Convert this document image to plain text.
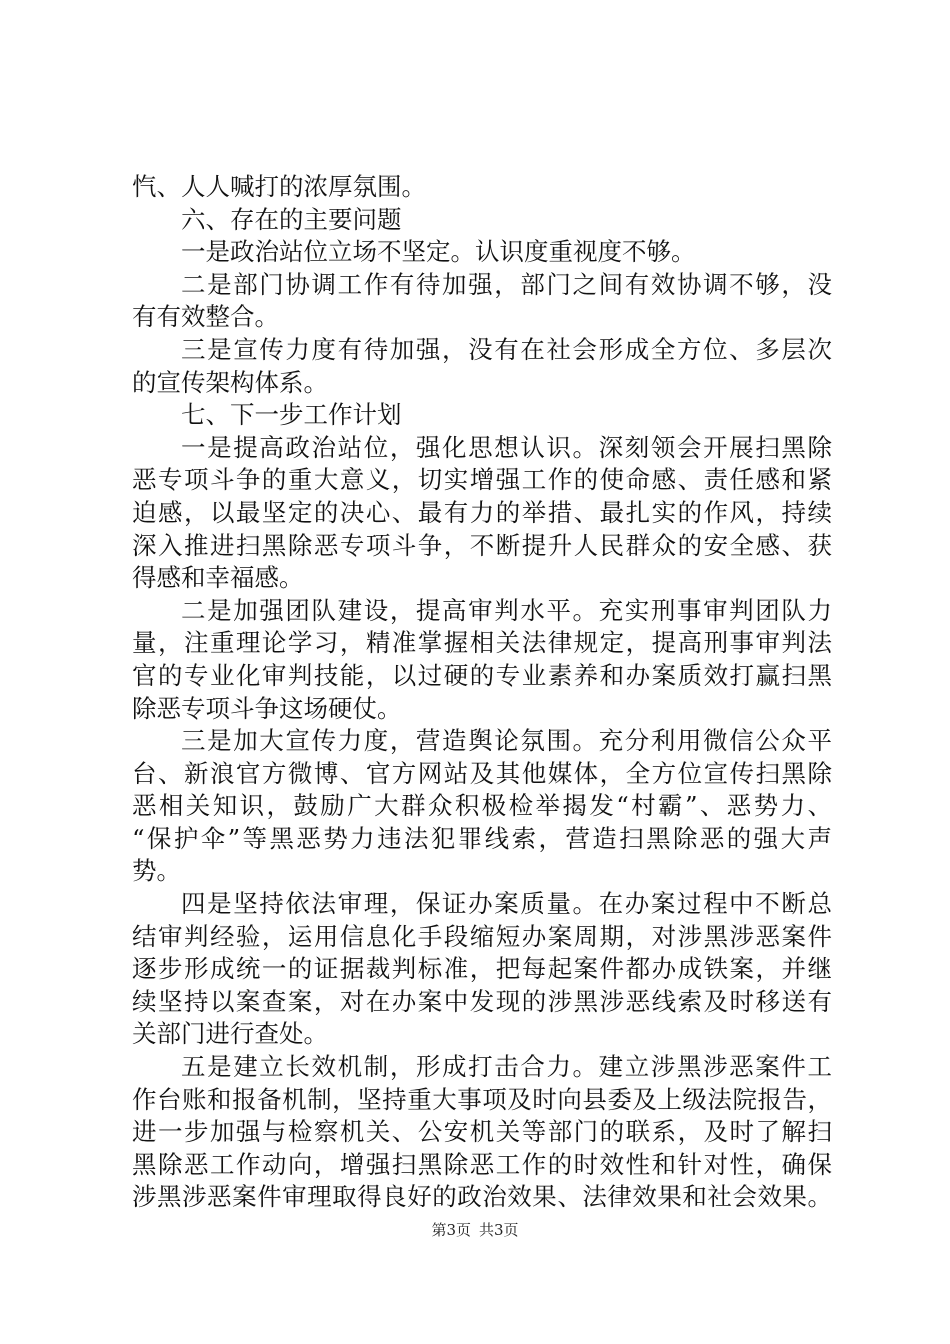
忾、人人喊打的浓厚氛围。
六、存在的主要问题
一是政治站位立场不坚定。认识度重视度不够。
二是部门协调工作有待加强，部门之间有效协调不够，没
有有效整合。
三是宣传力度有待加强，没有在社会形成全方位、多层次
的宣传架构体系。
七、下一步工作计划
一是提高政治站位，强化思想认识。深刻领会开展扫黑除
恶专项斗争的重大意义，切实增强工作的使命感、责任感和紧
迫感，以最坚定的决心、最有力的举措、最扎实的作风，持续
深入推进扫黑除恶专项斗争，不断提升人民群众的安全感、获
得感和幸福感。
二是加强团队建设，提高审判水平。充实刑事审判团队力
量，注重理论学习，精准掌握相关法律规定，提高刑事审判法
官的专业化审判技能，以过硬的专业素养和办案质效打赢扫黑
除恶专项斗争这场硬仗。
三是加大宣传力度，营造舆论氛围。充分利用微信公众平
台、新浪官方微博、官方网站及其他媒体，全方位宣传扫黑除
恶相关知识，鼓励广大群众积极检举揭发“村霸”、恶势力、
“保护伞”等黑恶势力违法犯罪线索，营造扫黑除恶的强大声
势。
四是坚持依法审理，保证办案质量。在办案过程中不断总
结审判经验，运用信息化手段缩短办案周期，对涉黑涉恶案件
逐步形成统一的证据裁判标准，把每起案件都办成铁案，并继
续坚持以案查案，对在办案中发现的涉黑涉恶线索及时移送有
关部门进行查处。
五是建立长效机制，形成打击合力。建立涉黑涉恶案件工
作台账和报备机制，坚持重大事项及时向县委及上级法院报告，
进一步加强与检察机关、公安机关等部门的联系，及时了解扫
黑除恶工作动向，增强扫黑除恶工作的时效性和针对性，确保
涉黑涉恶案件审理取得良好的政治效果、法律效果和社会效果。
第3页 共3页
